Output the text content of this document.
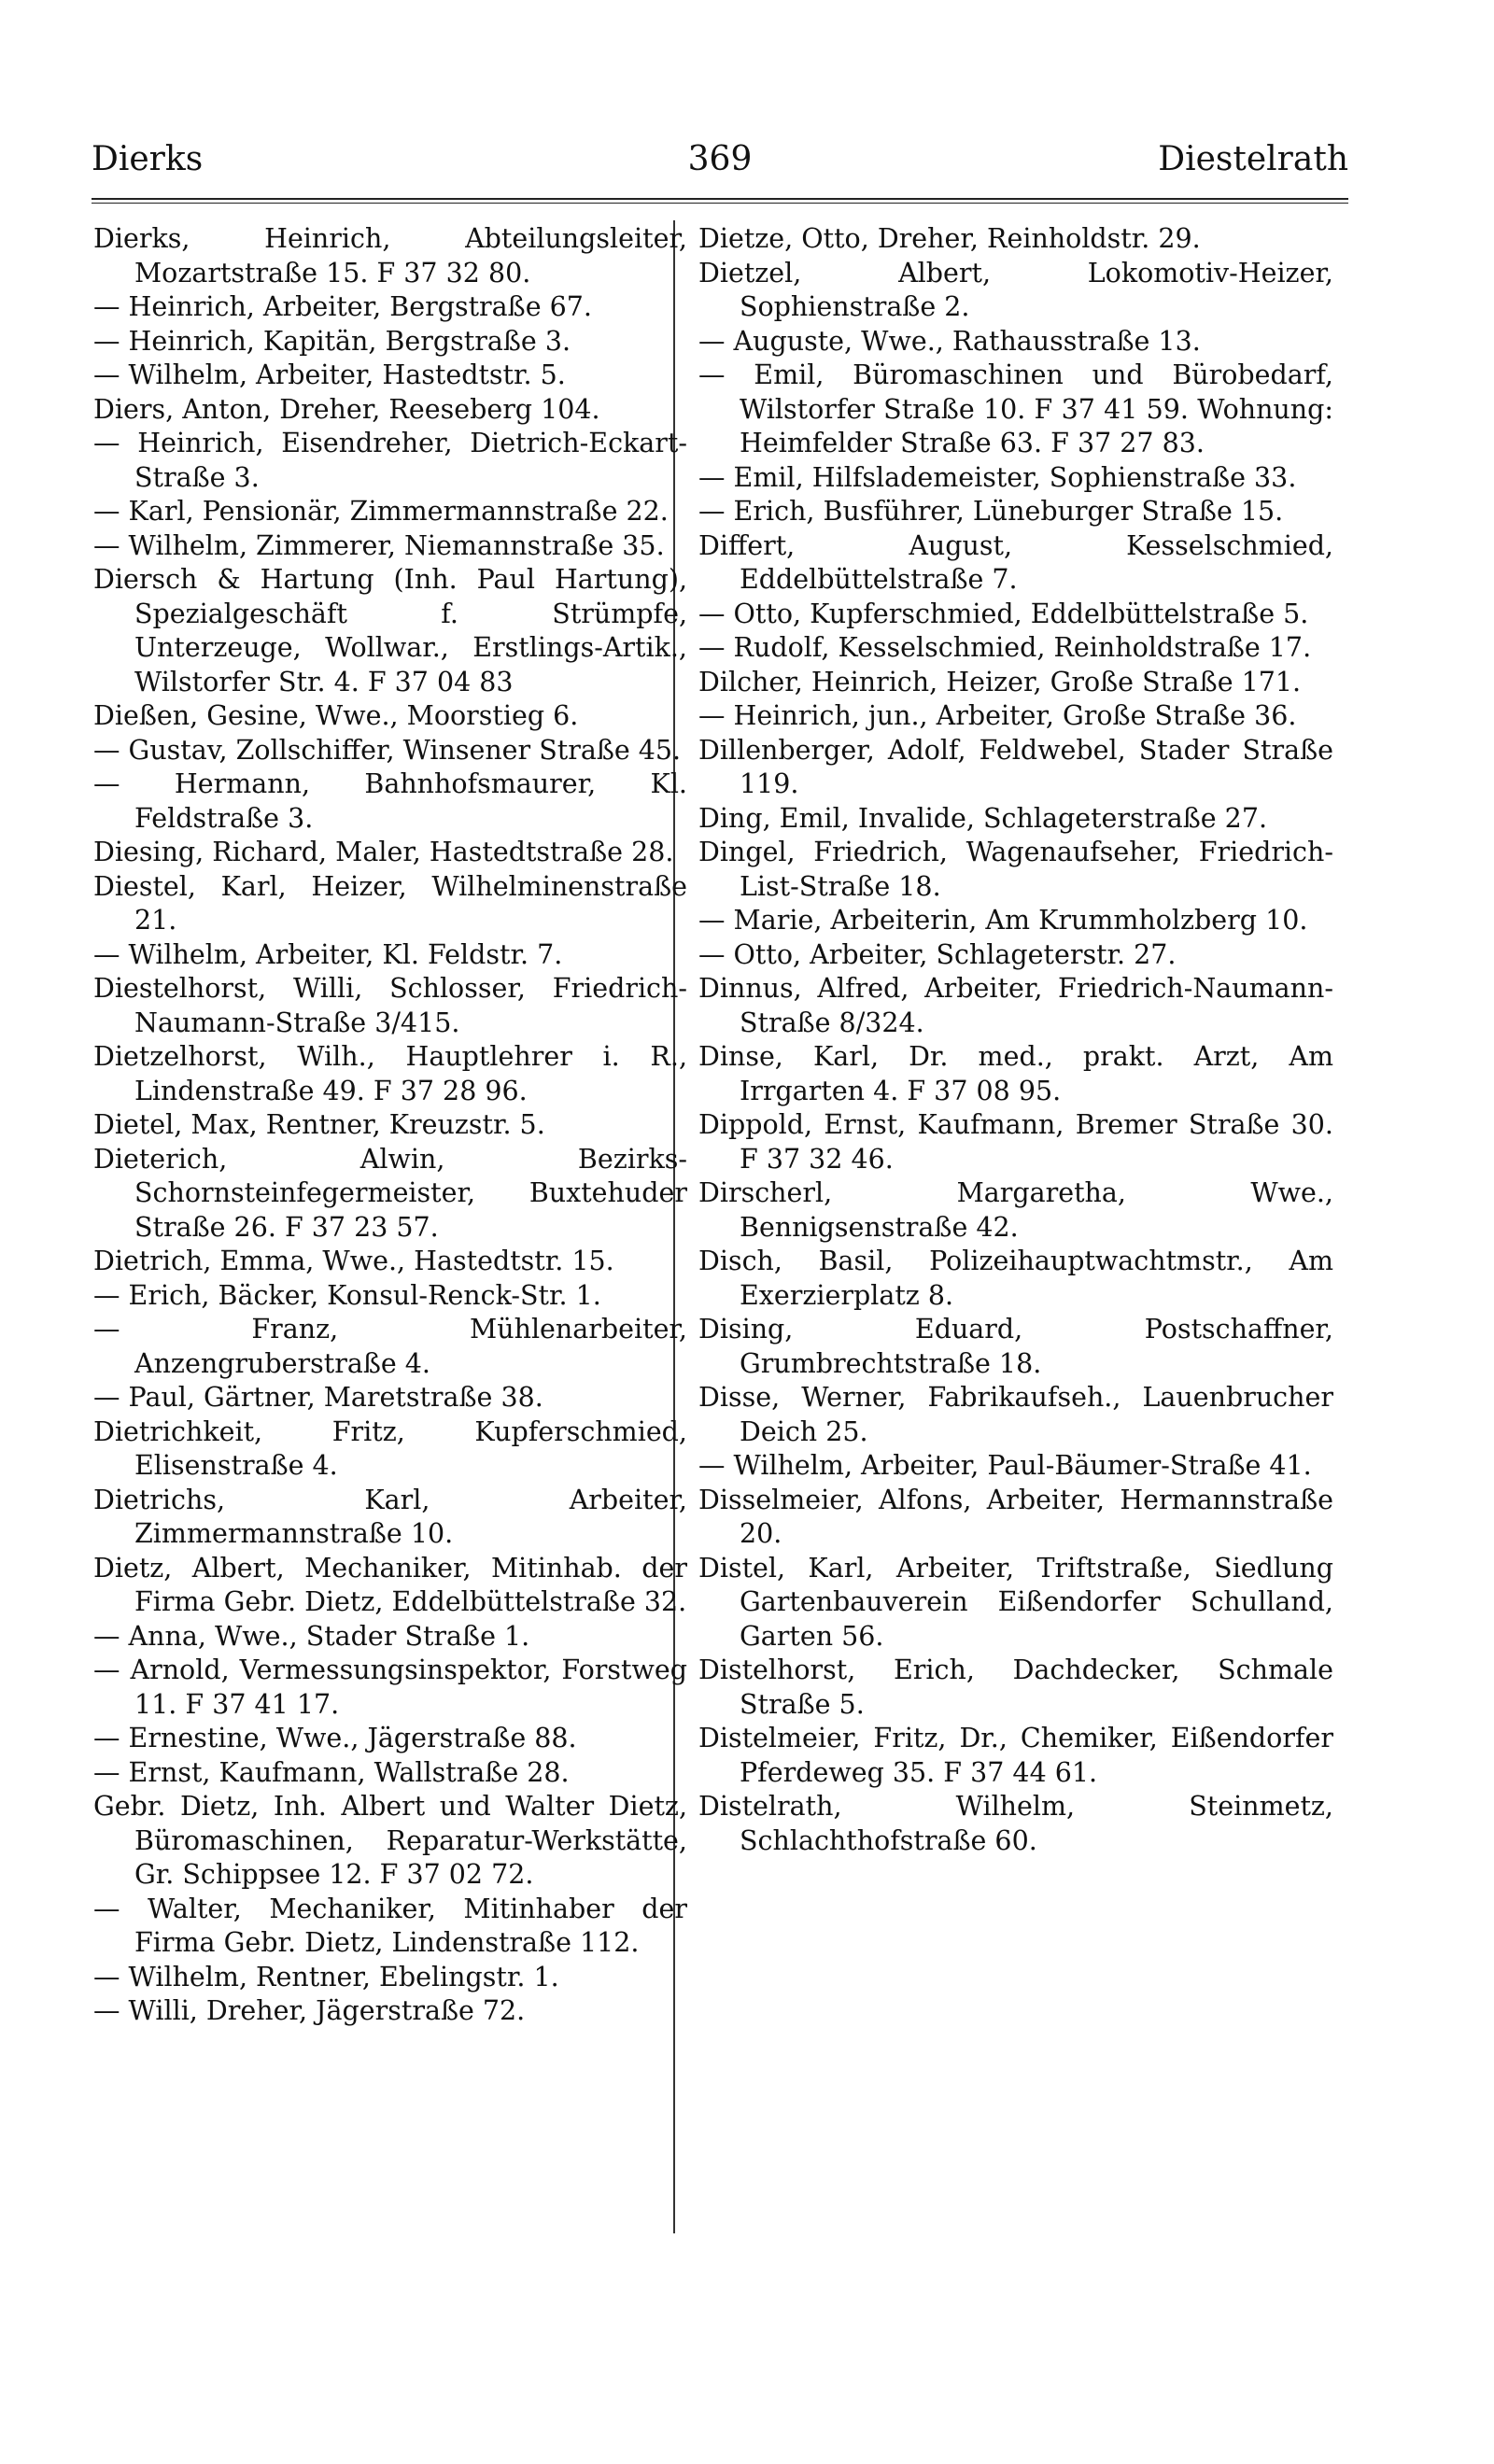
Dierks	369	Diestelrath

Dierks, Heinrich, Abteilungsleiter, Mozartstraße 15. F 37 32 80.

— Heinrich, Arbeiter, Bergstraße 67.

— Heinrich, Kapitän, Bergstraße 3.

— Wilhelm, Arbeiter, Hastedtstr. 5.

Diers, Anton, Dreher, Reeseberg 104.

— Heinrich, Eisendreher, Dietrich-Eckart-Straße 3.

— Karl, Pensionär, Zimmermannstraße 22.

— Wilhelm, Zimmerer, Niemannstraße 35.

Diersch & Hartung (Inh. Paul Hartung), Spezialgeschäft f. Strümpfe, Unterzeuge, Wollwar., Erstlings-Artik., Wilstorfer Str. 4. F 37 04 83

Dießen, Gesine, Wwe., Moorstieg 6.

— Gustav, Zollschiffer, Winsener Straße 45.

— Hermann, Bahnhofsmaurer, Kl. Feldstraße 3.

Diesing, Richard, Maler, Hastedtstraße 28.

Diestel, Karl, Heizer, Wilhelminenstraße 21.

— Wilhelm, Arbeiter, Kl. Feldstr. 7.

Diestelhorst, Willi, Schlosser, Friedrich-Naumann-Straße 3/415.

Dietzelhorst, Wilh., Hauptlehrer i. R., Lindenstraße 49. F 37 28 96.

Dietel, Max, Rentner, Kreuzstr. 5.

Dieterich, Alwin, Bezirks-Schornsteinfegermeister, Buxtehuder Straße 26. F 37 23 57.

Dietrich, Emma, Wwe., Hastedtstr. 15.

— Erich, Bäcker, Konsul-Renck-Str. 1.

— Franz, Mühlenarbeiter, Anzengruberstraße 4.

— Paul, Gärtner, Maretstraße 38.

Dietrichkeit, Fritz, Kupferschmied, Elisenstraße 4.

Dietrichs, Karl, Arbeiter, Zimmermannstraße 10.

Dietz, Albert, Mechaniker, Mitinhab. der Firma Gebr. Dietz, Eddelbüttelstraße 32.

— Anna, Wwe., Stader Straße 1.

— Arnold, Vermessungsinspektor, Forstweg 11. F 37 41 17.

— Ernestine, Wwe., Jägerstraße 88.

— Ernst, Kaufmann, Wallstraße 28.

Gebr. Dietz, Inh. Albert und Walter Dietz, Büromaschinen, Reparatur-Werkstätte, Gr. Schippsee 12. F 37 02 72.

— Walter, Mechaniker, Mitinhaber der Firma Gebr. Dietz, Lindenstraße 112.

— Wilhelm, Rentner, Ebelingstr. 1.

— Willi, Dreher, Jägerstraße 72.

Dietze, Otto, Dreher, Reinholdstr. 29.

Dietzel, Albert, Lokomotiv-Heizer, Sophienstraße 2.

— Auguste, Wwe., Rathausstraße 13.

— Emil, Büromaschinen und Bürobedarf, Wilstorfer Straße 10. F 37 41 59. Wohnung: Heimfelder Straße 63. F 37 27 83.

— Emil, Hilfslademeister, Sophienstraße 33.

— Erich, Busführer, Lüneburger Straße 15.

Differt, August, Kesselschmied, Eddelbüttelstraße 7.

— Otto, Kupferschmied, Eddelbüttelstraße 5.

— Rudolf, Kesselschmied, Reinholdstraße 17.

Dilcher, Heinrich, Heizer, Große Straße 171.

— Heinrich, jun., Arbeiter, Große Straße 36.

Dillenberger, Adolf, Feldwebel, Stader Straße 119.

Ding, Emil, Invalide, Schlageterstraße 27.

Dingel, Friedrich, Wagenaufseher, Friedrich-List-Straße 18.

— Marie, Arbeiterin, Am Krummholzberg 10.

— Otto, Arbeiter, Schlageterstr. 27.

Dinnus, Alfred, Arbeiter, Friedrich-Naumann-Straße 8/324.

Dinse, Karl, Dr. med., prakt. Arzt, Am Irrgarten 4. F 37 08 95.

Dippold, Ernst, Kaufmann, Bremer Straße 30. F 37 32 46.

Dirscherl, Margaretha, Wwe., Bennigsenstraße 42.

Disch, Basil, Polizeihauptwachtmstr., Am Exerzierplatz 8.

Dising, Eduard, Postschaffner, Grumbrechtstraße 18.

Disse, Werner, Fabrikaufseh., Lauenbrucher Deich 25.

— Wilhelm, Arbeiter, Paul-Bäumer-Straße 41.

Disselmeier, Alfons, Arbeiter, Hermannstraße 20.

Distel, Karl, Arbeiter, Triftstraße, Siedlung Gartenbauverein Eißendorfer Schulland, Garten 56.

Distelhorst, Erich, Dachdecker, Schmale Straße 5.

Distelmeier, Fritz, Dr., Chemiker, Eißendorfer Pferdeweg 35. F 37 44 61.

Distelrath, Wilhelm, Steinmetz, Schlachthofstraße 60.
